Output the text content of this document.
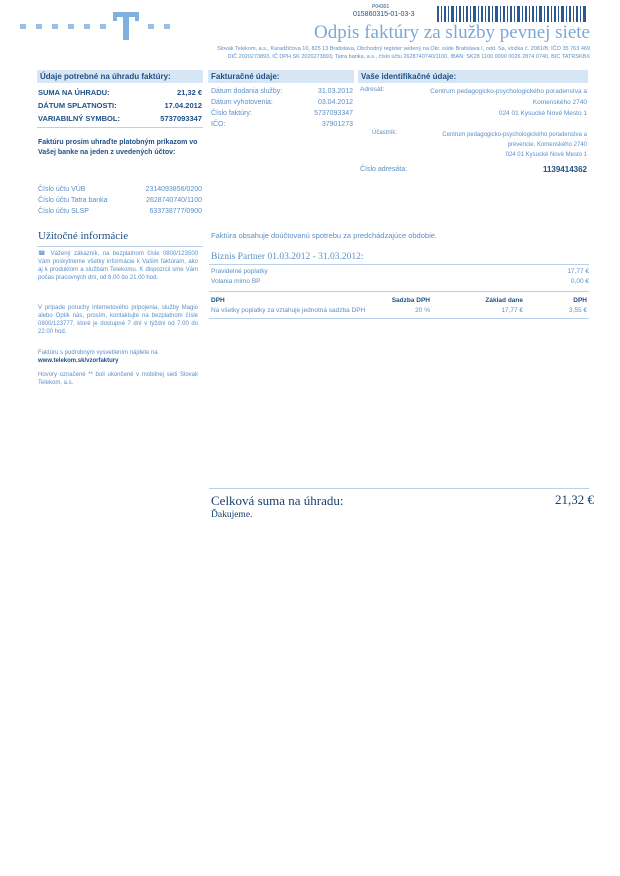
P04301
015860315-01-03-3
Odpis faktúry za služby pevnej siete
Slovak Telekom, a.s., Karadžičova 10, 825 13 Bratislava, Obchodný register vedený na Okr. súde Bratislava I, odd. Sa, vložka č. 2081/B, IČO 35 763 469
DIČ 2020273893, IČ DPH SK 2020273893, Tatra banka, a.s., číslo účtu 2628740740/1100, IBAN: SK28 1100 0000 0026 2874 0740, BIC TATRSKBX
Údaje potrebné na úhradu faktúry:
SUMA NA ÚHRADU:	21,32 €
DÁTUM SPLATNOSTI:	17.04.2012
VARIABILNÝ SYMBOL:	5737093347
Faktúru prosím uhraďte platobným príkazom vo Vašej banke na jeden z uvedených účtov:
Číslo účtu VÚB	2314093856/0200
Číslo účtu Tatra banka	2628740740/1100
Číslo účtu SLSP	633738777/0900
Užitočné informácie
☎ Vážený zákazník, na bezplatnom čísle 0800/123500 Vám poskytneme všetky informácie k Vašim faktúram, ako aj k produktom a službám Telekomu. K dispozícii sme Vám počas pracovných dní, od 8.00 do 21.00 hod.
V prípade poruchy internetového pripojenia, služby Magio alebo Optik nás, prosím, kontaktujte na bezplatnom čísle 0800/123777, ktoré je dostupné 7 dní v týždni od 7.00 do 22.00 hod.
Faktúru s podrobným vysvetlením nájdete na
www.telekom.sk/vzorfaktury
Hovory označené ** boli ukončené v mobilnej sieti Slovak Telekom, a.s.
Fakturačné údaje:
Dátum dodania služby:	31.03.2012
Dátum vyhotovenia:	03.04.2012
Číslo faktúry:	5737093347
IČO:	37901273
Vaše identifikačné údaje:
Adresát:	Centrum pedagogicko-psychologického poradenstva a
Komenského 2740
024 01 Kysucké Nové Mesto 1
Účastník:	Centrum pedagogicko-psychologického poradenstva a
prevencie, Komenského 2740
024 01 Kysucké Nové Mesto 1
Číslo adresáta:	1139414362
Faktúra obsahuje doúčtovanú spotrebu za predchádzajúce obdobie.
Biznis Partner 01.03.2012 - 31.03.2012:
Pravidelné poplatky	17,77 €
Volania mimo BP	0,00 €
DPH	Sadzba DPH	Základ dane	DPH
Na všetky poplatky za vztahuje jednotná sadzba DPH	20 %	17,77 €	3,55 €
Celková suma na úhradu:	21,32 €
Ďakujeme.
